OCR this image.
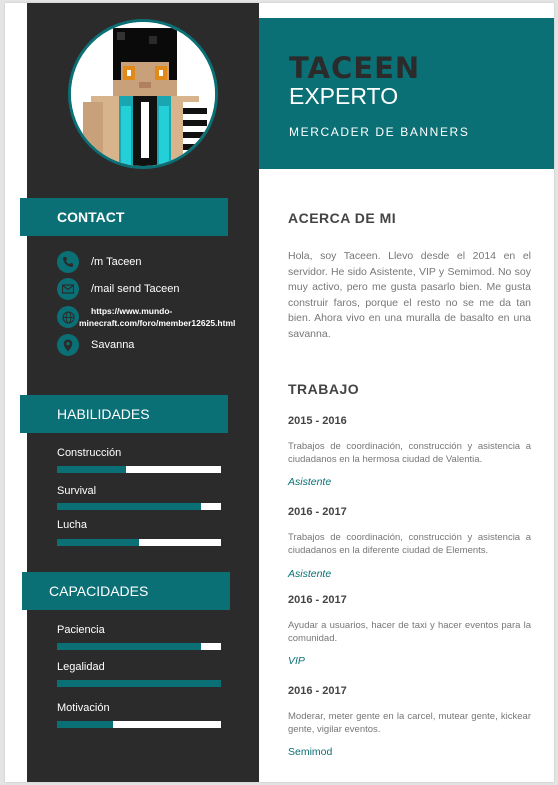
TACEEN
EXPERTO
MERCADER DE BANNERS
CONTACT
/m Taceen
/mail send Taceen
https://www.mundo-
minecraft.com/foro/member12625.html
Savanna
HABILIDADES
Construcción
Survival
Lucha
CAPACIDADES
Paciencia
Legalidad
Motivación
ACERCA DE MI
Hola, soy Taceen. Llevo desde el 2014 en el servidor. He sido Asistente, VIP y Semimod. No soy muy activo, pero me gusta pasarlo bien. Me gusta construir faros, porque el resto no se me da tan bien. Ahora vivo en una muralla de basalto en una savanna.
TRABAJO
2015 - 2016
Trabajos de coordinación, construcción y asistencia a ciudadanos en la hermosa ciudad de Valentia.
Asistente
2016 - 2017
Trabajos de coordinación, construcción y asistencia a ciudadanos en la diferente ciudad de Elements.
Asistente
2016 - 2017
Ayudar a usuarios, hacer de taxi y hacer eventos para la comunidad.
VIP
2016 - 2017
Moderar, meter gente en la carcel, mutear gente, kickear gente, vigilar eventos.
Semimod
